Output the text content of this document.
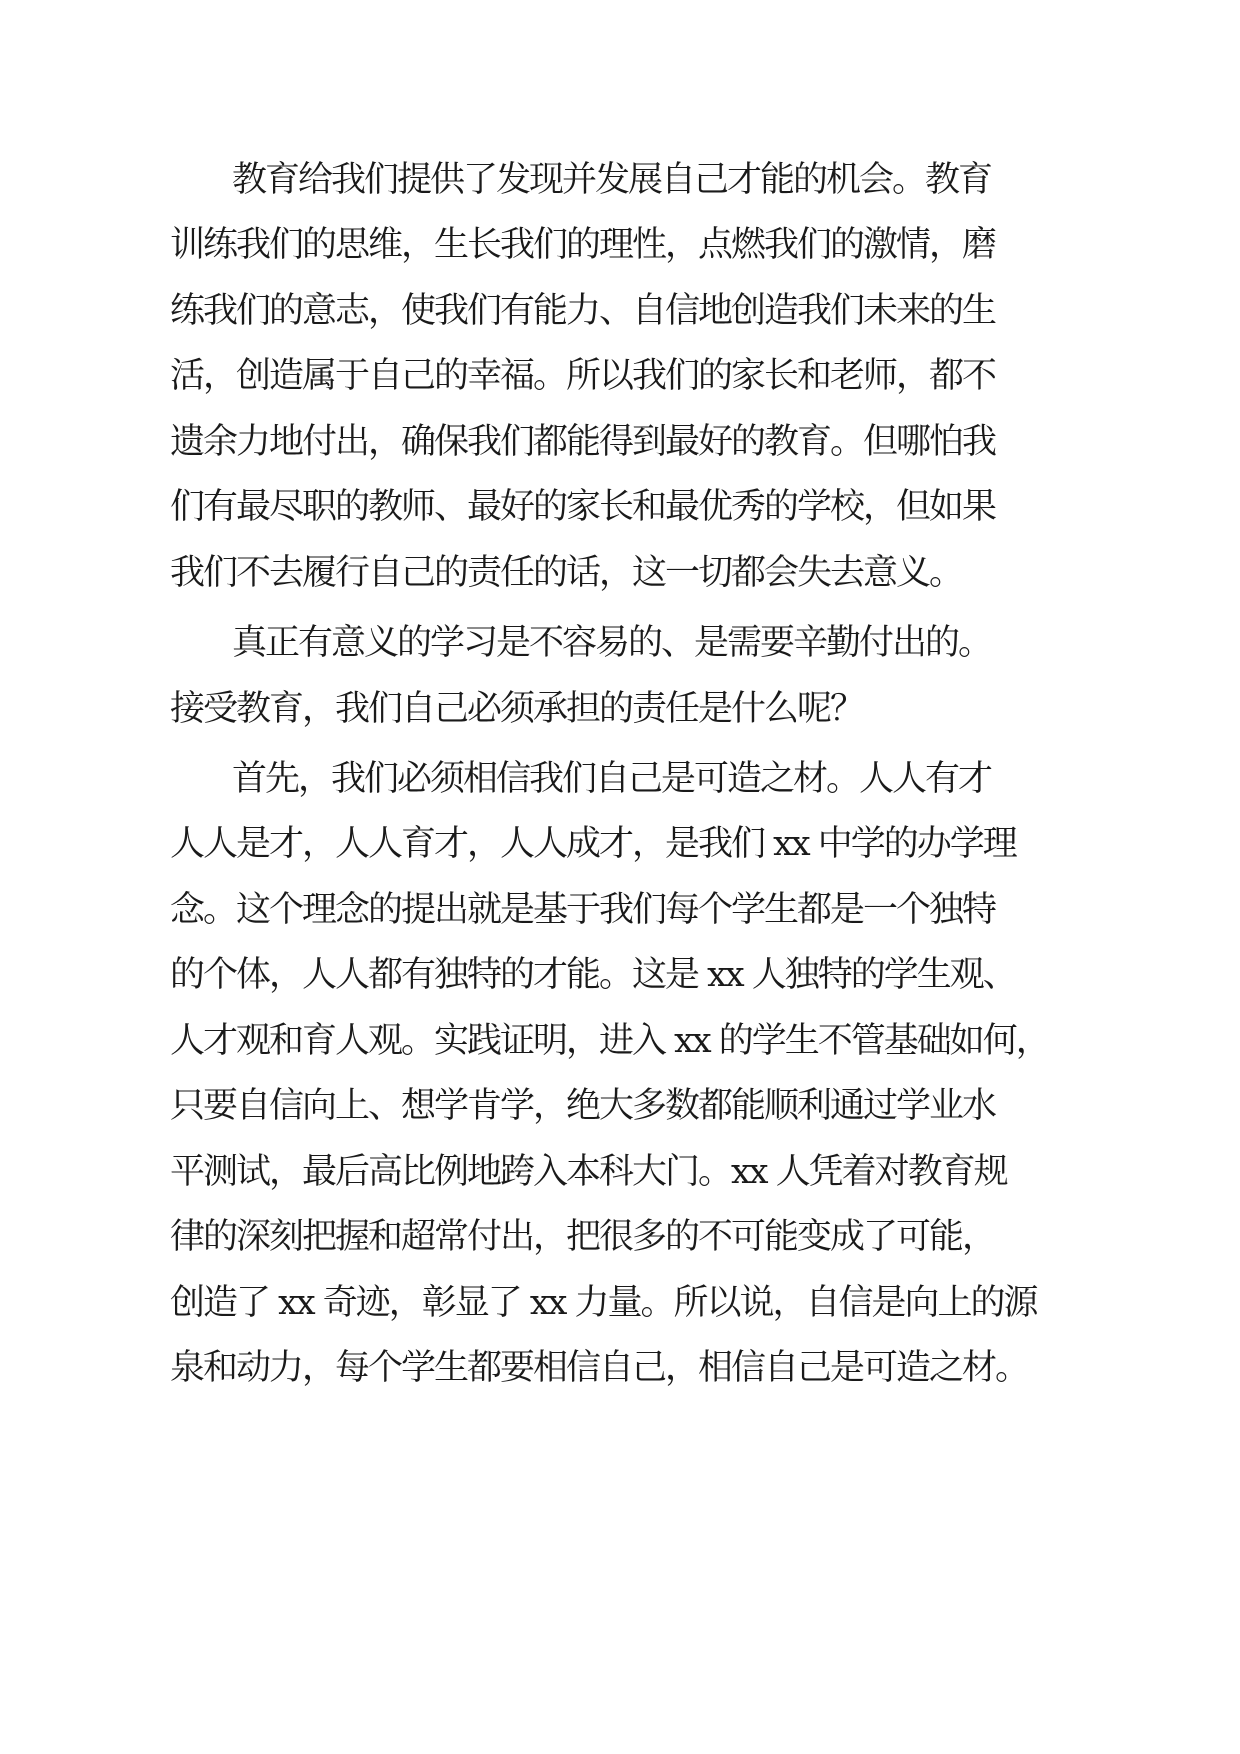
教育给我们提供了发现并发展自己才能的机会。教育

训练我们的思维，生长我们的理性，点燃我们的激情，磨

练我们的意志，使我们有能力、自信地创造我们未来的生

活，创造属于自己的幸福。所以我们的家长和老师，都不

遗余力地付出，确保我们都能得到最好的教育。但哪怕我

们有最尽职的教师、最好的家长和最优秀的学校，但如果

我们不去履行自己的责任的话，这一切都会失去意义。

真正有意义的学习是不容易的、是需要辛勤付出的。

接受教育，我们自己必须承担的责任是什么呢？

首先，我们必须相信我们自己是可造之材。人人有才

人人是才，人人育才，人人成才，是我们 xx 中学的办学理

念。这个理念的提出就是基于我们每个学生都是一个独特

的个体，人人都有独特的才能。这是 xx 人独特的学生观、

人才观和育人观。实践证明，进入 xx 的学生不管基础如何，

只要自信向上、想学肯学，绝大多数都能顺利通过学业水

平测试，最后高比例地跨入本科大门。xx 人凭着对教育规

律的深刻把握和超常付出，把很多的不可能变成了可能，

创造了 xx 奇迹，彰显了 xx 力量。所以说，自信是向上的源

泉和动力，每个学生都要相信自己，相信自己是可造之材。
